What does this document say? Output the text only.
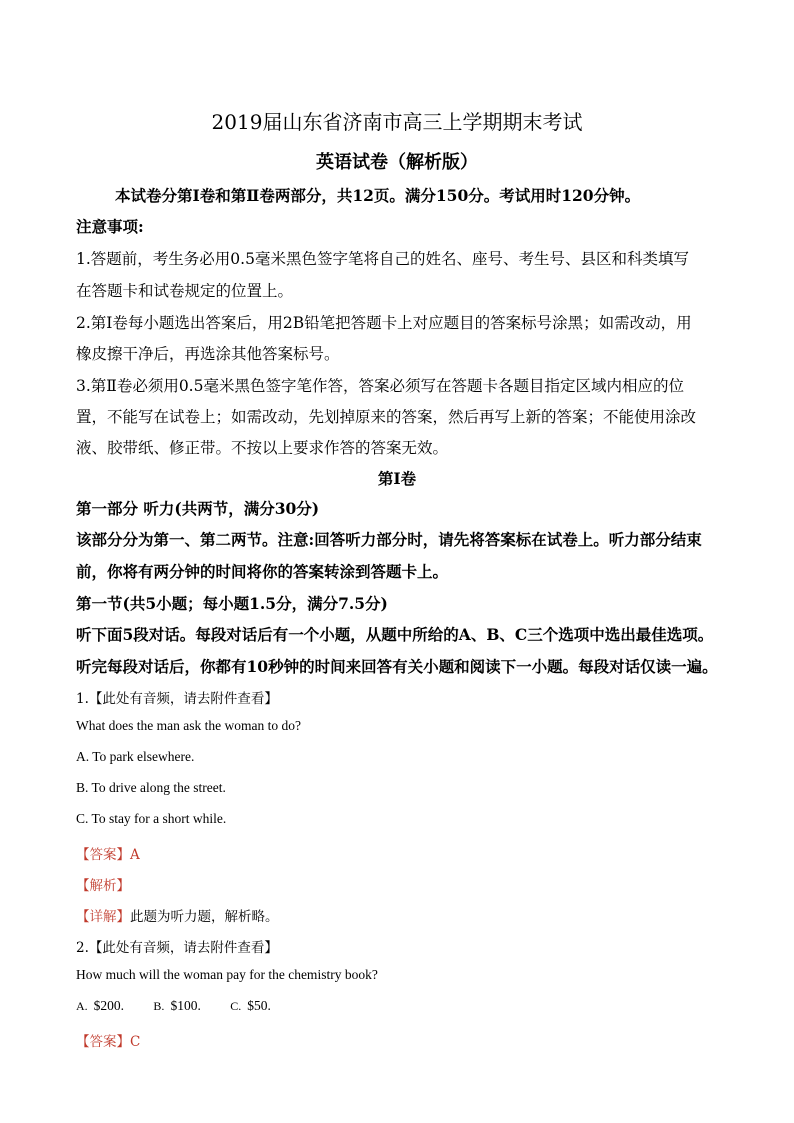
2019届山东省济南市高三上学期期末考试
英语试卷（解析版）
本试卷分第Ⅰ卷和第Ⅱ卷两部分，共12页。满分150分。考试用时120分钟。
注意事项:
1.答题前，考生务必用0.5毫米黑色签字笔将自己的姓名、座号、考生号、县区和科类填写
在答题卡和试卷规定的位置上。
2.第Ⅰ卷每小题选出答案后，用2B铅笔把答题卡上对应题目的答案标号涂黑；如需改动，用
橡皮擦干净后，再选涂其他答案标号。
3.第Ⅱ卷必须用0.5毫米黑色签字笔作答，答案必须写在答题卡各题目指定区域内相应的位
置，不能写在试卷上；如需改动，先划掉原来的答案，然后再写上新的答案；不能使用涂改
液、胶带纸、修正带。不按以上要求作答的答案无效。
第Ⅰ卷
第一部分 听力(共两节，满分30分)
该部分分为第一、第二两节。注意:回答听力部分时，请先将答案标在试卷上。听力部分结束
前，你将有两分钟的时间将你的答案转涂到答题卡上。
第一节(共5小题；每小题1.5分，满分7.5分)
听下面5段对话。每段对话后有一个小题，从题中所给的A、B、C三个选项中选出最佳选项。
听完每段对话后，你都有10秒钟的时间来回答有关小题和阅读下一小题。每段对话仅读一遍。
1.【此处有音频，请去附件查看】
What does the man ask the woman to do?
A. To park elsewhere.
B. To drive along the street.
C. To stay for a short while.
【答案】A
【解析】
【详解】此题为听力题，解析略。
2.【此处有音频，请去附件查看】
How much will the woman pay for the chemistry book?
A. $200. B. $100. C. $50.
【答案】C
